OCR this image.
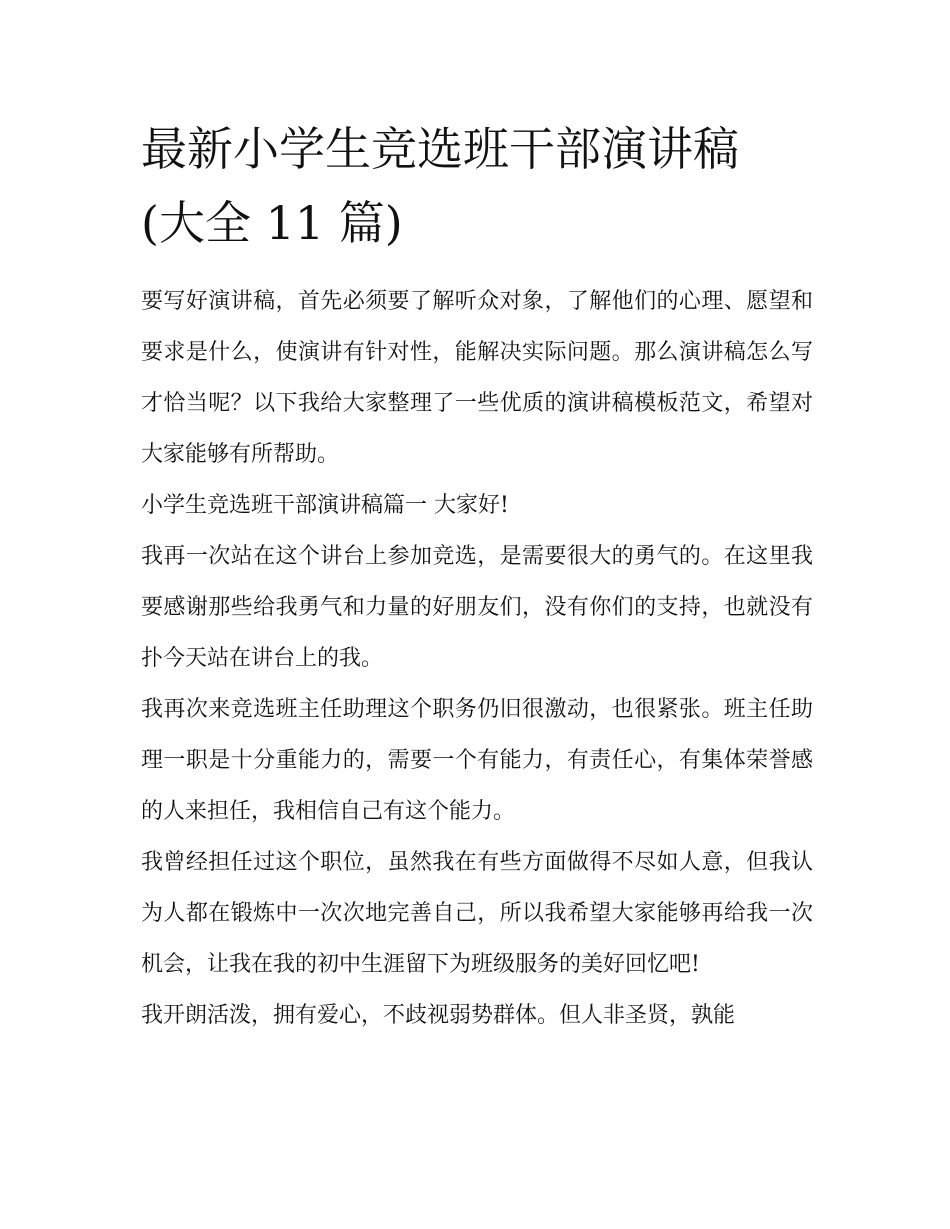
最新小学生竞选班干部演讲稿
(大全 11 篇)

要写好演讲稿，首先必须要了解听众对象，了解他们的心理、愿望和要求是什么，使演讲有针对性，能解决实际问题。那么演讲稿怎么写才恰当呢？以下我给大家整理了一些优质的演讲稿模板范文，希望对大家能够有所帮助。

小学生竞选班干部演讲稿篇一 大家好!

我再一次站在这个讲台上参加竞选，是需要很大的勇气的。在这里我要感谢那些给我勇气和力量的好朋友们，没有你们的支持，也就没有扑今天站在讲台上的我。

我再次来竞选班主任助理这个职务仍旧很激动，也很紧张。班主任助理一职是十分重能力的，需要一个有能力，有责任心，有集体荣誉感的人来担任，我相信自己有这个能力。

我曾经担任过这个职位，虽然我在有些方面做得不尽如人意，但我认为人都在锻炼中一次次地完善自己，所以我希望大家能够再给我一次机会，让我在我的初中生涯留下为班级服务的美好回忆吧!

我开朗活泼，拥有爱心，不歧视弱势群体。但人非圣贤，孰能
